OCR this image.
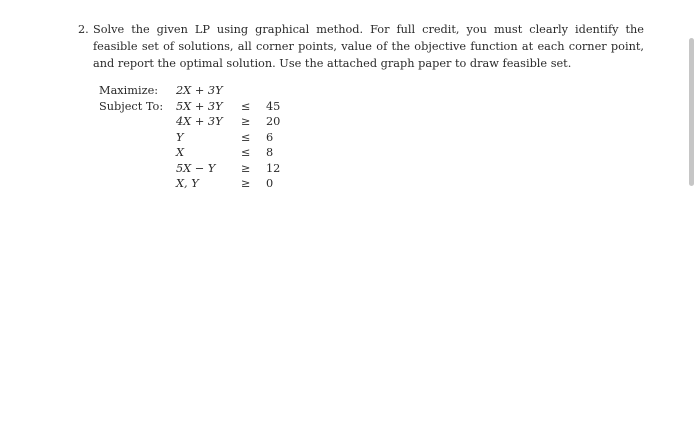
2. Solve the given LP using graphical method. For full credit, you must clearly identify the feasible set of solutions, all corner points, value of the objective function at each corner point, and report the optimal solution. Use the attached graph paper to draw feasible set.
Maximize: 2X + 3Y
Subject To: 5X + 3Y ≤ 45
4X + 3Y ≥ 20
Y	≤ 6
X	≤ 8
5X − Y ≥ 12
X, Y	≥ 0
